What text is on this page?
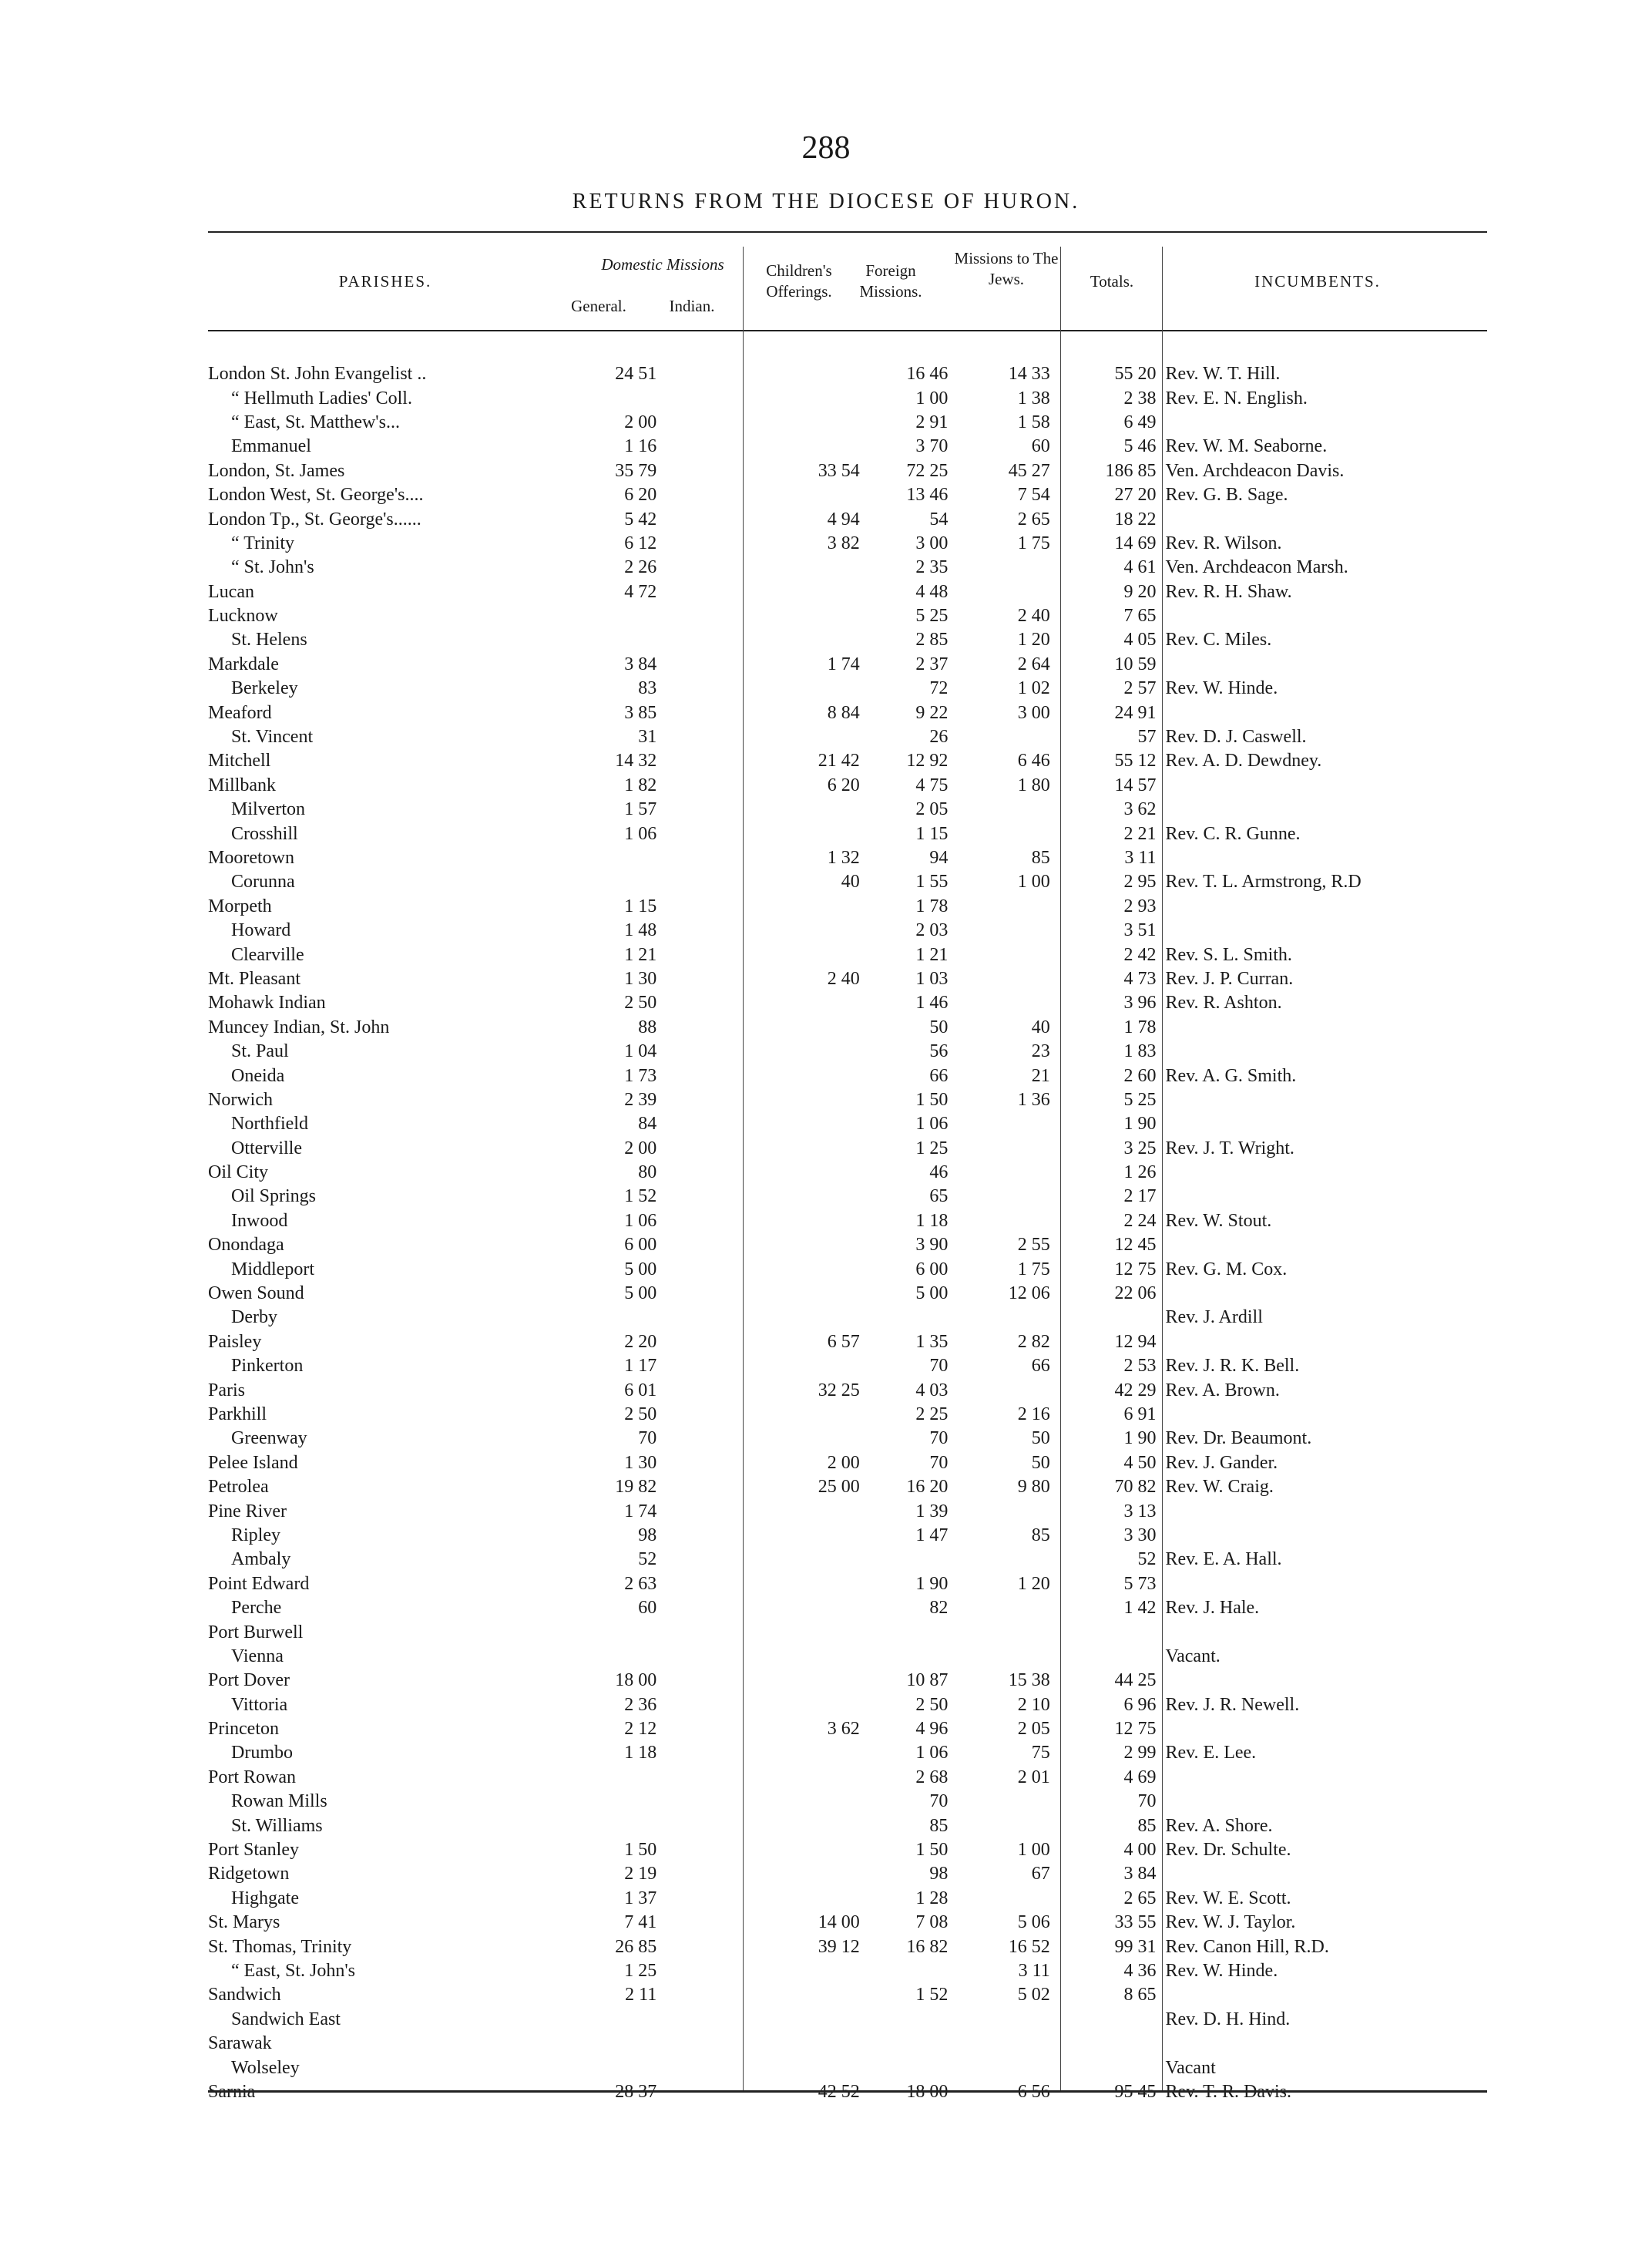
288
RETURNS FROM THE DIOCESE OF HURON.
PARISHES.
Domestic Missions
General.	Indian.
Children's Offerings.
Foreign Missions.
Missions to The Jews.	Totals.	INCUMBENTS.
London St. John Evangelist ..	24 51			16 46	14 33	55 20	Rev. W. T. Hill.
“ Hellmuth Ladies' Coll.				1 00	1 38	2 38	Rev. E. N. English.
“ East, St. Matthew's...	2 00			2 91	1 58	6 49	
Emmanuel	1 16			3 70	60	5 46	Rev. W. M. Seaborne.
London, St. James	35 79		33 54	72 25	45 27	186 85	Ven. Archdeacon Davis.
London West, St. George's....	6 20			13 46	7 54	27 20	Rev. G. B. Sage.
London Tp., St. George's......	5 42		4 94	54	2 65	18 22	
“ Trinity	6 12		3 82	3 00	1 75	14 69	Rev. R. Wilson.
“ St. John's	2 26			2 35		4 61	Ven. Archdeacon Marsh.
Lucan	4 72			4 48		9 20	Rev. R. H. Shaw.
Lucknow				5 25	2 40	7 65	
St. Helens				2 85	1 20	4 05	Rev. C. Miles.
Markdale	3 84		1 74	2 37	2 64	10 59	
Berkeley	83			72	1 02	2 57	Rev. W. Hinde.
Meaford	3 85		8 84	9 22	3 00	24 91	
St. Vincent	31			26		57	Rev. D. J. Caswell.
Mitchell	14 32		21 42	12 92	6 46	55 12	Rev. A. D. Dewdney.
Millbank	1 82		6 20	4 75	1 80	14 57	
Milverton	1 57			2 05		3 62	
Crosshill	1 06			1 15		2 21	Rev. C. R. Gunne.
Mooretown			1 32	94	85	3 11	
Corunna			40	1 55	1 00	2 95	Rev. T. L. Armstrong, R.D
Morpeth	1 15			1 78		2 93	
Howard	1 48			2 03		3 51	
Clearville	1 21			1 21		2 42	Rev. S. L. Smith.
Mt. Pleasant	1 30		2 40	1 03		4 73	Rev. J. P. Curran.
Mohawk Indian	2 50			1 46		3 96	Rev. R. Ashton.
Muncey Indian, St. John	88			50	40	1 78	
St. Paul	1 04			56	23	1 83	
Oneida	1 73			66	21	2 60	Rev. A. G. Smith.
Norwich	2 39			1 50	1 36	5 25	
Northfield	84			1 06		1 90	
Otterville	2 00			1 25		3 25	Rev. J. T. Wright.
Oil City	80			46		1 26	
Oil Springs	1 52			65		2 17	
Inwood	1 06			1 18		2 24	Rev. W. Stout.
Onondaga	6 00			3 90	2 55	12 45	
Middleport	5 00			6 00	1 75	12 75	Rev. G. M. Cox.
Owen Sound	5 00			5 00	12 06	22 06	
Derby							Rev. J. Ardill
Paisley	2 20		6 57	1 35	2 82	12 94	
Pinkerton	1 17			70	66	2 53	Rev. J. R. K. Bell.
Paris	6 01		32 25	4 03		42 29	Rev. A. Brown.
Parkhill	2 50			2 25	2 16	6 91	
Greenway	70			70	50	1 90	Rev. Dr. Beaumont.
Pelee Island	1 30		2 00	70	50	4 50	Rev. J. Gander.
Petrolea	19 82		25 00	16 20	9 80	70 82	Rev. W. Craig.
Pine River	1 74			1 39		3 13	
Ripley	98			1 47	85	3 30	
Ambaly	52					52	Rev. E. A. Hall.
Point Edward	2 63			1 90	1 20	5 73	
Perche	60			82		1 42	Rev. J. Hale.
Port Burwell							
Vienna							Vacant.
Port Dover	18 00			10 87	15 38	44 25	
Vittoria	2 36			2 50	2 10	6 96	Rev. J. R. Newell.
Princeton	2 12		3 62	4 96	2 05	12 75	
Drumbo	1 18			1 06	75	2 99	Rev. E. Lee.
Port Rowan				2 68	2 01	4 69	
Rowan Mills				70		70	
St. Williams				85		85	Rev. A. Shore.
Port Stanley	1 50			1 50	1 00	4 00	Rev. Dr. Schulte.
Ridgetown	2 19			98	67	3 84	
Highgate	1 37			1 28		2 65	Rev. W. E. Scott.
St. Marys	7 41		14 00	7 08	5 06	33 55	Rev. W. J. Taylor.
St. Thomas, Trinity	26 85		39 12	16 82	16 52	99 31	Rev. Canon Hill, R.D.
“ East, St. John's	1 25				3 11	4 36	Rev. W. Hinde.
Sandwich	2 11			1 52	5 02	8 65	
Sandwich East							Rev. D. H. Hind.
Sarawak							
Wolseley							Vacant
Sarnia	28 37		42 52	18 00	6 56	95 45	Rev. T. R. Davis.
